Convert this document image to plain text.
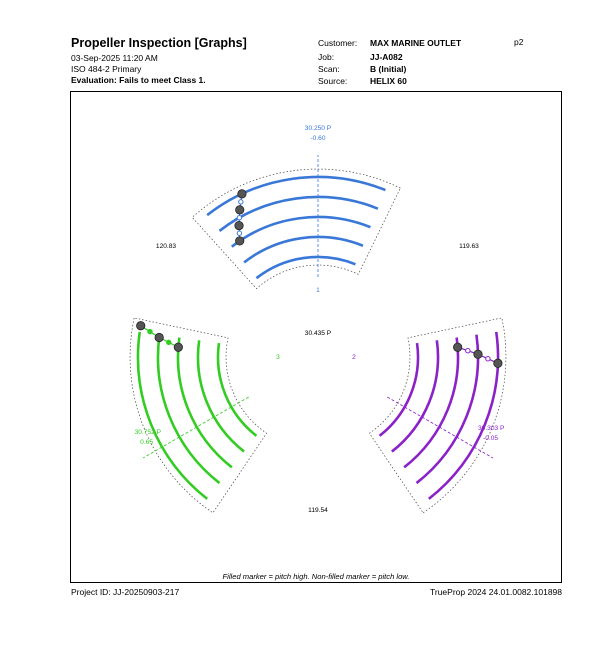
Propeller Inspection [Graphs]
03-Sep-2025 11:20 AM
ISO 484-2 Primary
Evaluation: Fails to meet Class 1.
Customer: MAX MARINE OUTLET
Job:	JJ-A082
Scan:	B (Initial)
Source:	HELIX 60
p2
30.250 P
-0.60
1
30.303 P
-0.05
2
30.752 P
0.65
3
30.435 P
120.83	119.63
119.54
Filled marker = pitch high. Non-filled marker = pitch low.
Project ID: JJ-20250903-217	TrueProp 2024 24.01.0082.101898
